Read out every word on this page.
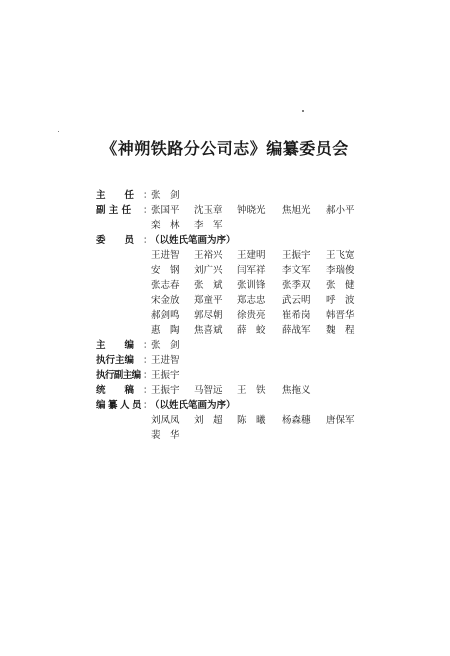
《神朔铁路分公司志》编纂委员会
主　　任 ：
张　剑
副 主 任	：
张国平 沈玉章 钟晓光 焦旭光 郝小平
栾　林 李　军
委　　员 ：
（以姓氏笔画为序）
王进智 王裕兴 王建明 王振宇 王飞宽
安　钢 刘广兴 闫军祥 李文军 李瑞俊
张志春 张　斌 张训锋 张季双 张　健
宋金放 郑童平 郑志忠 武云明 呼　波
郝剑鸣 郭尽朝 徐贵亮 崔希岗 韩晋华
惠　陶 焦喜斌 薛　蛟 薛战军 魏　程
主　　编 ：
张　剑
执行主编 ：
王进智
执行副主编 ：
王振宇
统　　稿 ：
王振宇 马智远 王　铁 焦拖义
编 纂 人 员 ：
（以姓氏笔画为序）
刘凤凤 刘　超 陈　曦 杨森穗 唐保军
裴　华
